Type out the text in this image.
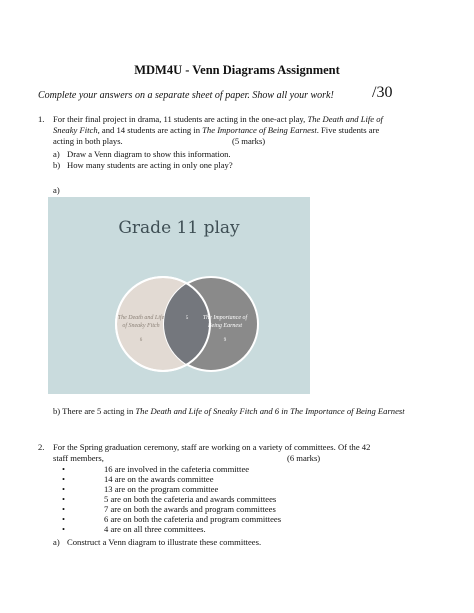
MDM4U - Venn Diagrams Assignment
Complete your answers on a separate sheet of paper. Show all your work! /30
1. For their final project in drama, 11 students are acting in the one-act play, The Death and Life of
Sneaky Fitch, and 14 students are acting in The Importance of Being Earnest. Five students are
acting in both plays.	(5 marks)
a) Draw a Venn diagram to show this information.
b) How many students are acting in only one play?
a)
Grade 11 play
The Death and Life
of Sneaky Fitch
6
5 The Importance of
Being Earnest
9
b) There are 5 acting in The Death and Life of Sneaky Fitch and 6 in The Importance of Being Earnest
2. For the Spring graduation ceremony, staff are working on a variety of committees. Of the 42
staff members,	(6 marks)
•	16 are involved in the cafeteria committee
•	14 are on the awards committee
•	13 are on the program committee
•	5 are on both the cafeteria and awards committees
•	7 are on both the awards and program committees
•	6 are on both the cafeteria and program committees
•	4 are on all three committees.
a) Construct a Venn diagram to illustrate these committees.
